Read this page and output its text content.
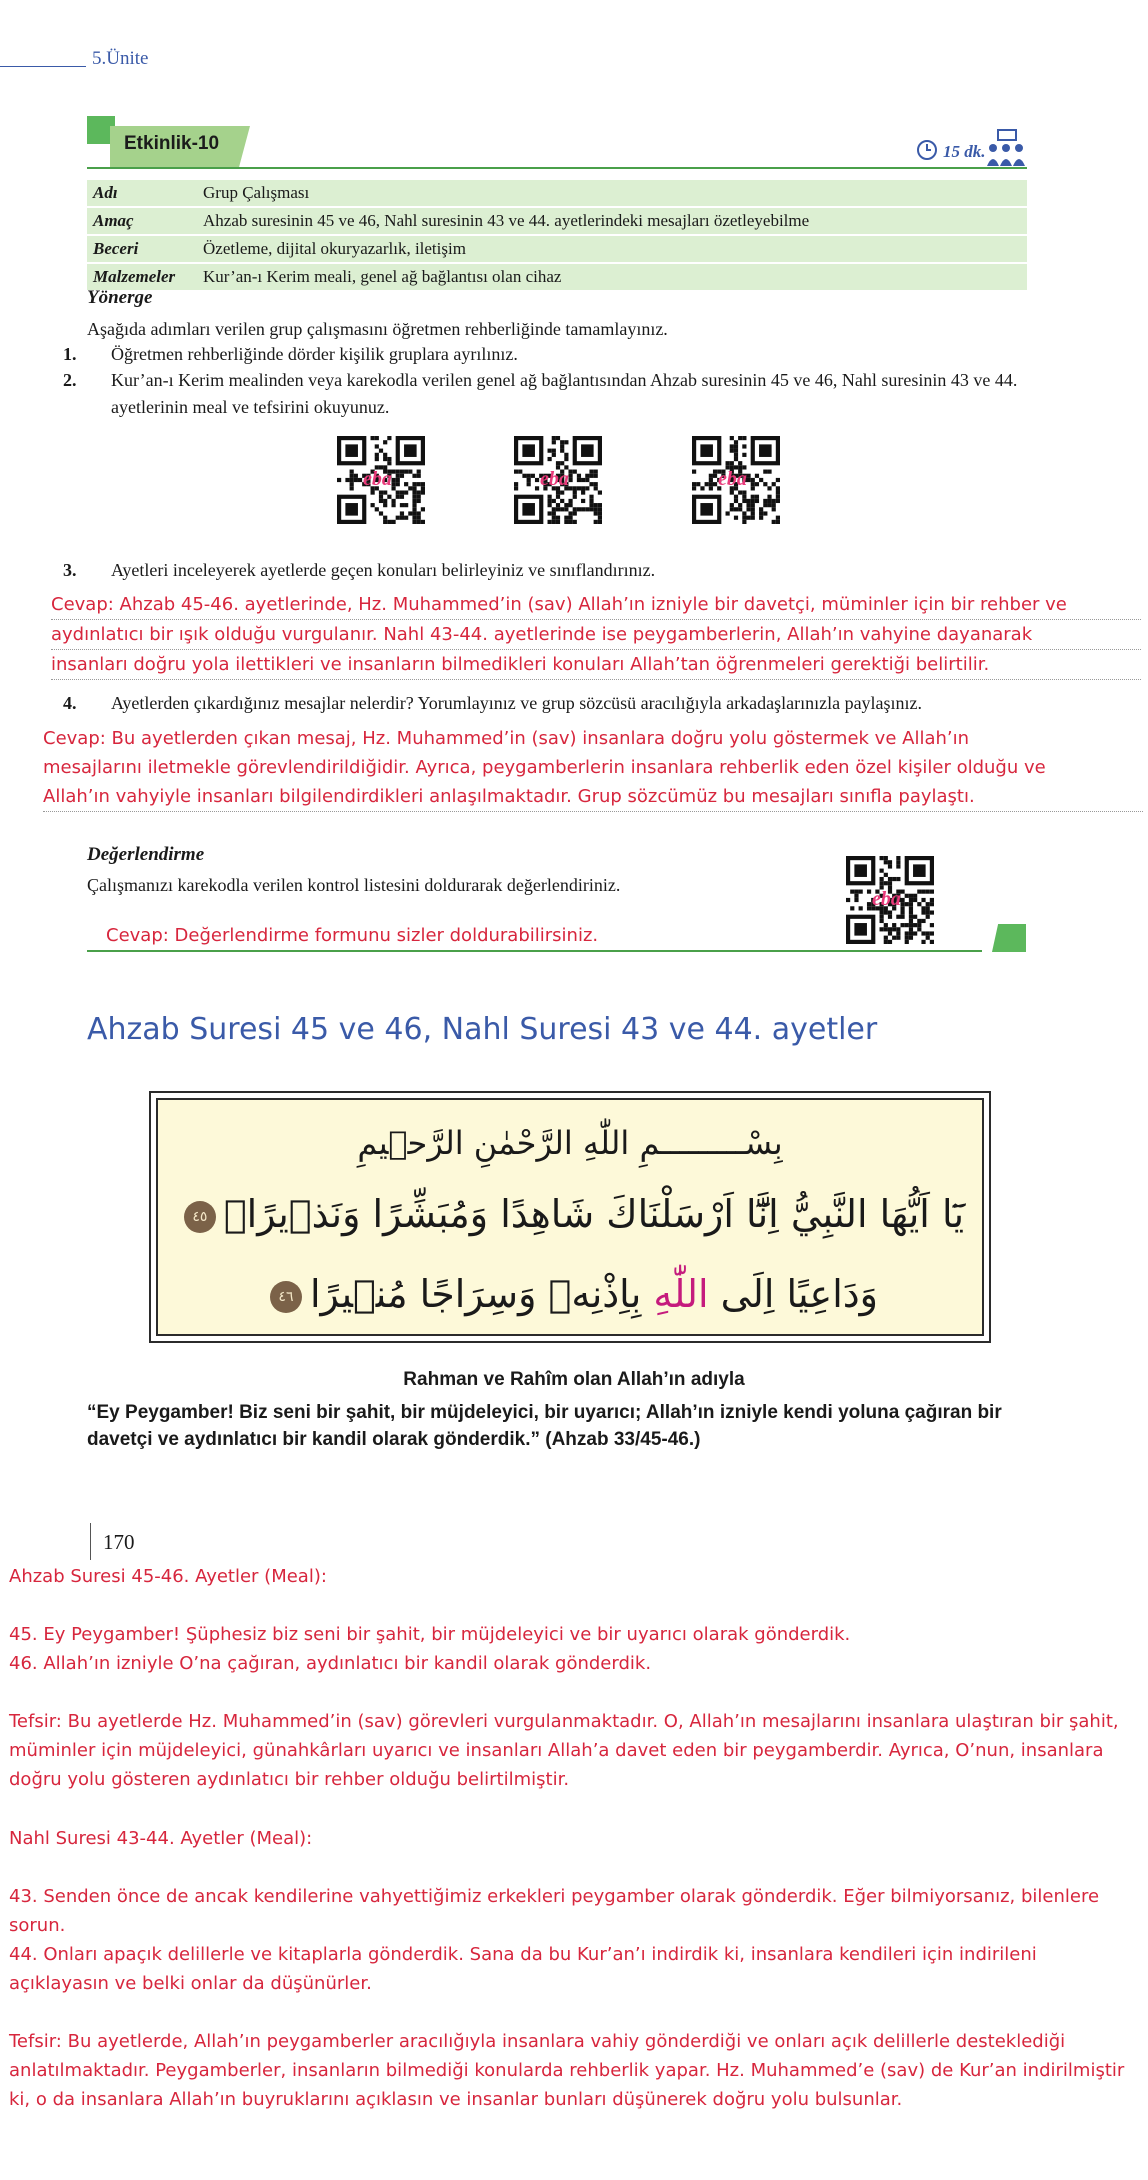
5.Ünite
Etkinlik-10	15 dk.
Adı	Grup Çalışması
Amaç	Ahzab suresinin 45 ve 46, Nahl suresinin 43 ve 44. ayetlerindeki mesajları özetleyebilme
Beceri	Özetleme, dijital okuryazarlık, iletişim
Malzemeler	Kur’an-ı Kerim meali, genel ağ bağlantısı olan cihaz
Yönerge
Aşağıda adımları verilen grup çalışmasını öğretmen rehberliğinde tamamlayınız.
1. Öğretmen rehberliğinde dörder kişilik gruplara ayrılınız.
2. Kur’an-ı Kerim mealinden veya karekodla verilen genel ağ bağlantısından Ahzab suresinin 45 ve 46, Nahl suresinin 43 ve 44. ayetlerinin meal ve tefsirini okuyunuz.
eba	eba	eba
3. Ayetleri inceleyerek ayetlerde geçen konuları belirleyiniz ve sınıflandırınız.
Cevap: Ahzab 45-46. ayetlerinde, Hz. Muhammed’in (sav) Allah’ın izniyle bir davetçi, müminler için bir rehber ve
aydınlatıcı bir ışık olduğu vurgulanır. Nahl 43-44. ayetlerinde ise peygamberlerin, Allah’ın vahyine dayanarak
insanları doğru yola ilettikleri ve insanların bilmedikleri konuları Allah’tan öğrenmeleri gerektiği belirtilir.
4. Ayetlerden çıkardığınız mesajlar nelerdir? Yorumlayınız ve grup sözcüsü aracılığıyla arkadaşlarınızla paylaşınız.
Cevap: Bu ayetlerden çıkan mesaj, Hz. Muhammed’in (sav) insanlara doğru yolu göstermek ve Allah’ın
mesajlarını iletmekle görevlendirildiğidir. Ayrıca, peygamberlerin insanlara rehberlik eden özel kişiler olduğu ve
Allah’ın vahyiyle insanları bilgilendirdikleri anlaşılmaktadır. Grup sözcümüz bu mesajları sınıfla paylaştı.
Değerlendirme
Çalışmanızı karekodla verilen kontrol listesini doldurarak değerlendiriniz.
eba
Cevap: Değerlendirme formunu sizler doldurabilirsiniz.
Ahzab Suresi 45 ve 46, Nahl Suresi 43 ve 44. ayetler
بِسْـــــــــمِ اللّٰهِ الرَّحْمٰنِ الرَّح۪يمِ
يَٓا اَيُّهَا النَّبِيُّ اِنَّٓا اَرْسَلْنَاكَ شَاهِدًا وَمُبَشِّرًا وَنَذ۪يرًاۙ٤٥
وَدَاعِيًا اِلَى اللّٰهِ بِاِذْنِه۪ وَسِرَاجًا مُن۪يرًا٤٦
Rahman ve Rahîm olan Allah’ın adıyla
“Ey Peygamber! Biz seni bir şahit, bir müjdeleyici, bir uyarıcı; Allah’ın izniyle kendi yoluna çağıran bir davetçi ve aydınlatıcı bir kandil olarak gönderdik.” (Ahzab 33/45-46.)
170
Ahzab Suresi 45-46. Ayetler (Meal):
45. Ey Peygamber! Şüphesiz biz seni bir şahit, bir müjdeleyici ve bir uyarıcı olarak gönderdik.
46. Allah’ın izniyle O’na çağıran, aydınlatıcı bir kandil olarak gönderdik.
Tefsir: Bu ayetlerde Hz. Muhammed’in (sav) görevleri vurgulanmaktadır. O, Allah’ın mesajlarını insanlara ulaştıran bir şahit, müminler için müjdeleyici, günahkârları uyarıcı ve insanları Allah’a davet eden bir peygamberdir. Ayrıca, O’nun, insanlara doğru yolu gösteren aydınlatıcı bir rehber olduğu belirtilmiştir.
Nahl Suresi 43-44. Ayetler (Meal):
43. Senden önce de ancak kendilerine vahyettiğimiz erkekleri peygamber olarak gönderdik. Eğer bilmiyorsanız, bilenlere sorun.
44. Onları apaçık delillerle ve kitaplarla gönderdik. Sana da bu Kur’an’ı indirdik ki, insanlara kendileri için indirileni açıklayasın ve belki onlar da düşünürler.
Tefsir: Bu ayetlerde, Allah’ın peygamberler aracılığıyla insanlara vahiy gönderdiği ve onları açık delillerle desteklediği anlatılmaktadır. Peygamberler, insanların bilmediği konularda rehberlik yapar. Hz. Muhammed’e (sav) de Kur’an indirilmiştir ki, o da insanlara Allah’ın buyruklarını açıklasın ve insanlar bunları düşünerek doğru yolu bulsunlar.
